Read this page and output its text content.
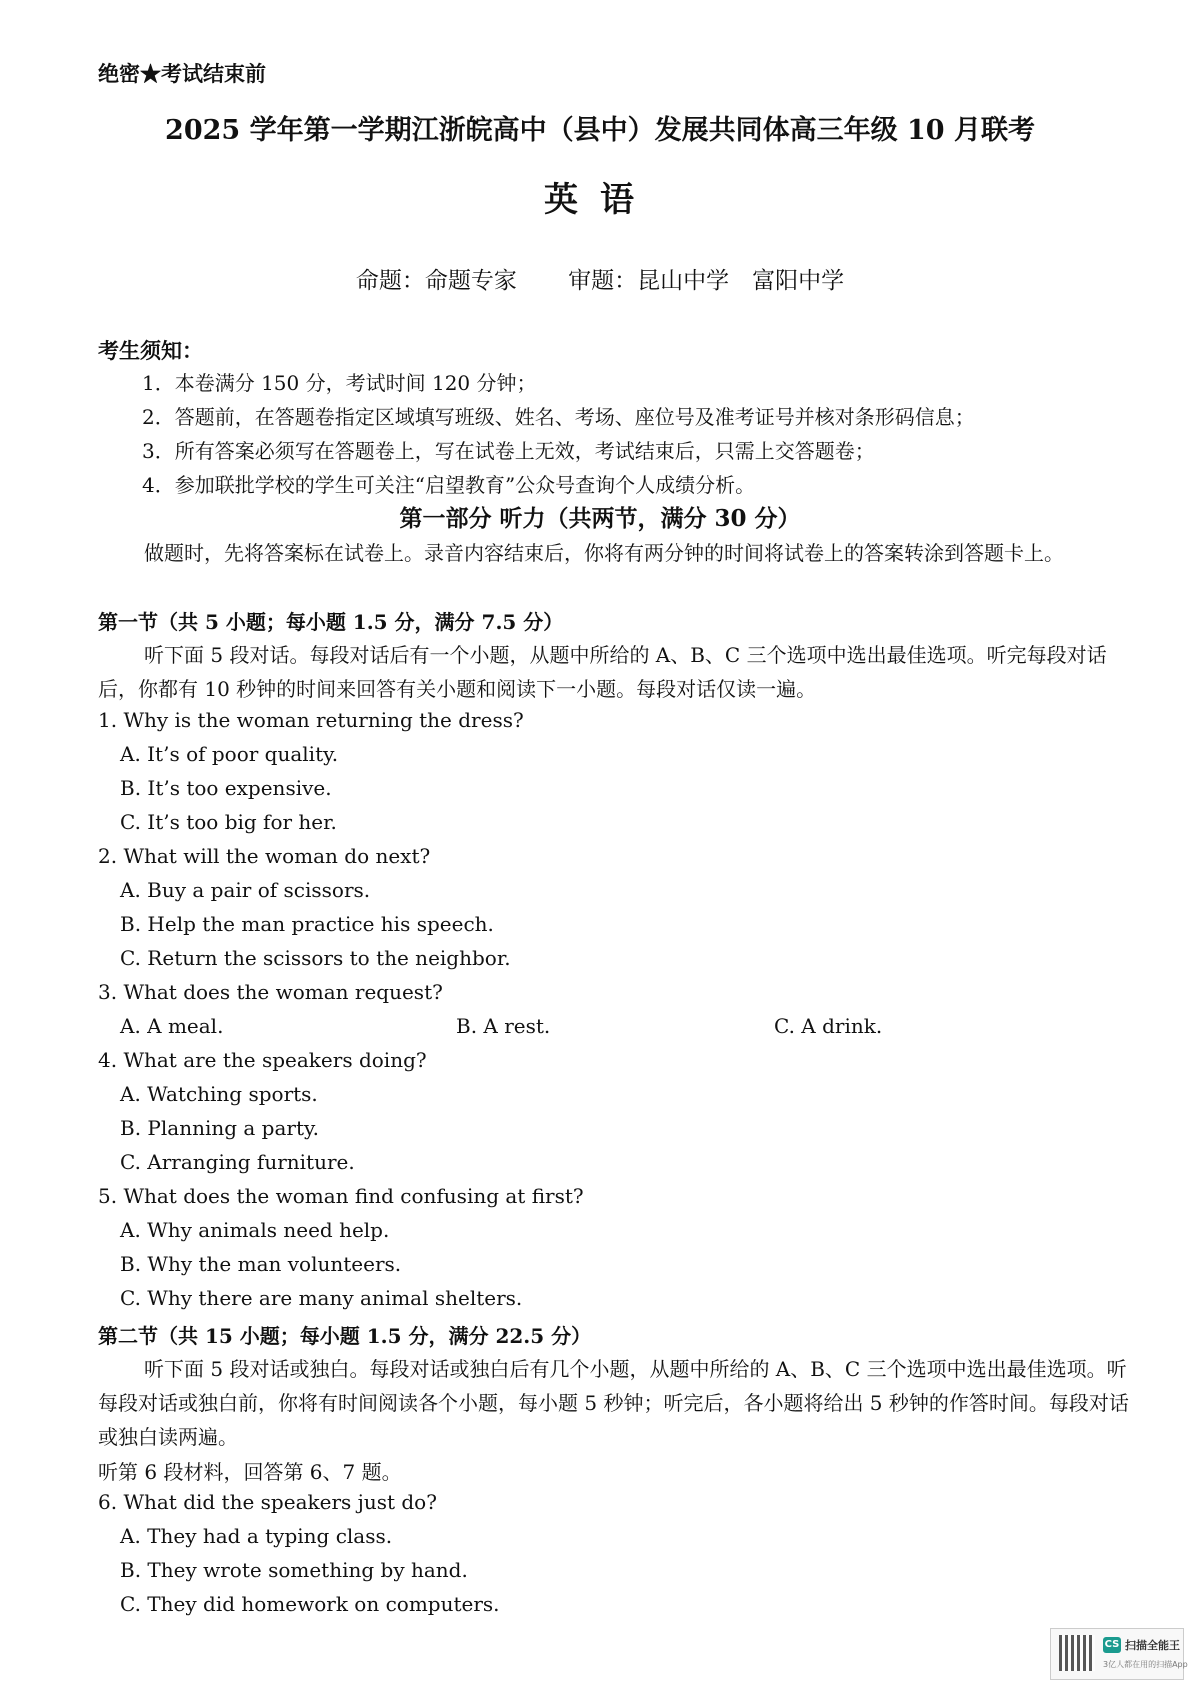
绝密★考试结束前
2025 学年第一学期江浙皖高中（县中）发展共同体高三年级 10 月联考
英语
命题：命题专家 审题：昆山中学　富阳中学
考生须知：
1．本卷满分 150 分，考试时间 120 分钟；
2．答题前，在答题卷指定区域填写班级、姓名、考场、座位号及准考证号并核对条形码信息；
3．所有答案必须写在答题卷上，写在试卷上无效，考试结束后，只需上交答题卷；
4．参加联批学校的学生可关注“启望教育”公众号查询个人成绩分析。
第一部分 听力（共两节，满分 30 分）
做题时，先将答案标在试卷上。录音内容结束后，你将有两分钟的时间将试卷上的答案转涂到答题卡上。
第一节（共 5 小题；每小题 1.5 分，满分 7.5 分）
听下面 5 段对话。每段对话后有一个小题，从题中所给的 A、B、C 三个选项中选出最佳选项。听完每段对话后，你都有 10 秒钟的时间来回答有关小题和阅读下一小题。每段对话仅读一遍。
1. Why is the woman returning the dress?
A. It’s of poor quality.
B. It’s too expensive.
C. It’s too big for her.
2. What will the woman do next?
A. Buy a pair of scissors.
B. Help the man practice his speech.
C. Return the scissors to the neighbor.
3. What does the woman request?
A. A meal.	B. A rest.	C. A drink.
4. What are the speakers doing?
A. Watching sports.
B. Planning a party.
C. Arranging furniture.
5. What does the woman find confusing at first?
A. Why animals need help.
B. Why the man volunteers.
C. Why there are many animal shelters.
第二节（共 15 小题；每小题 1.5 分，满分 22.5 分）
听下面 5 段对话或独白。每段对话或独白后有几个小题，从题中所给的 A、B、C 三个选项中选出最佳选项。听每段对话或独白前，你将有时间阅读各个小题，每小题 5 秒钟；听完后，各小题将给出 5 秒钟的作答时间。每段对话或独白读两遍。
听第 6 段材料，回答第 6、7 题。
6. What did the speakers just do?
A. They had a typing class.
B. They wrote something by hand.
C. They did homework on computers.
CS 扫描全能王
3亿人都在用的扫描App
